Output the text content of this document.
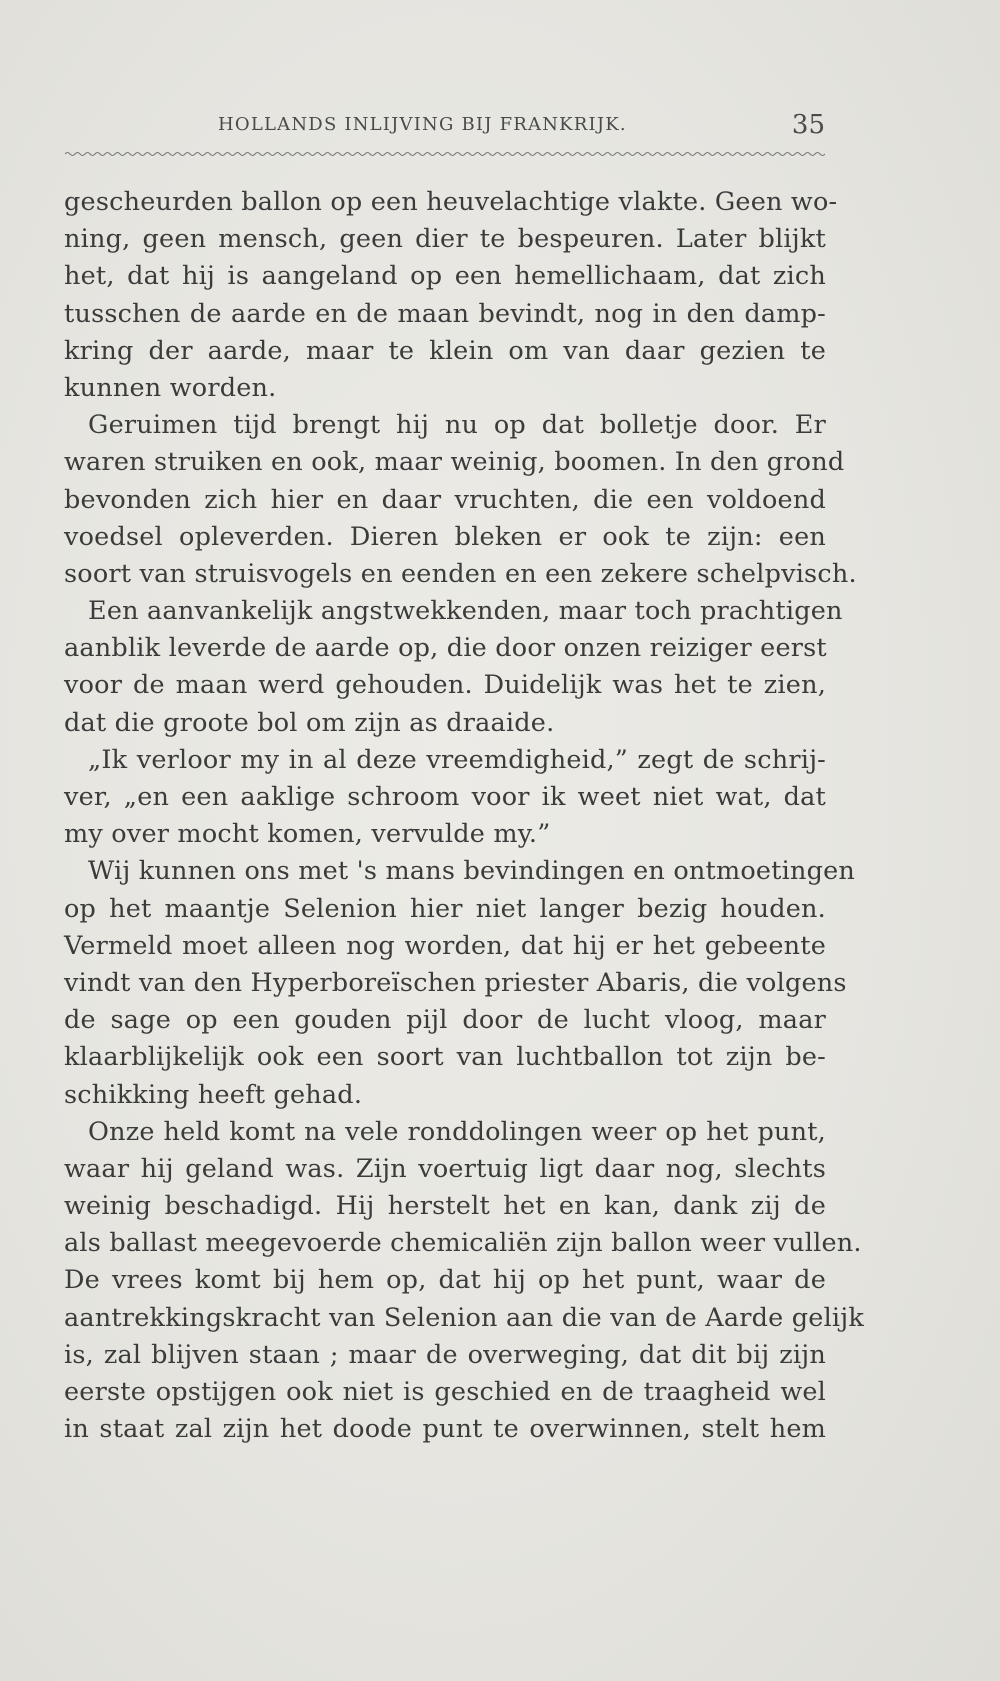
HOLLANDS INLIJVING BIJ FRANKRIJK.	35
gescheurden ballon op een heuvelachtige vlakte. Geen wo-
ning, geen mensch, geen dier te bespeuren. Later blijkt
het, dat hij is aangeland op een hemellichaam, dat zich
tusschen de aarde en de maan bevindt, nog in den damp-
kring der aarde, maar te klein om van daar gezien te
kunnen worden.
Geruimen tijd brengt hij nu op dat bolletje door. Er
waren struiken en ook, maar weinig, boomen. In den grond
bevonden zich hier en daar vruchten, die een voldoend
voedsel opleverden. Dieren bleken er ook te zijn: een
soort van struisvogels en eenden en een zekere schelpvisch.
Een aanvankelijk angstwekkenden, maar toch prachtigen
aanblik leverde de aarde op, die door onzen reiziger eerst
voor de maan werd gehouden. Duidelijk was het te zien,
dat die groote bol om zijn as draaide.
„Ik verloor my in al deze vreemdigheid,” zegt de schrij-
ver, „en een aaklige schroom voor ik weet niet wat, dat
my over mocht komen, vervulde my.”
Wij kunnen ons met 's mans bevindingen en ontmoetingen
op het maantje Selenion hier niet langer bezig houden.
Vermeld moet alleen nog worden, dat hij er het gebeente
vindt van den Hyperboreïschen priester Abaris, die volgens
de sage op een gouden pijl door de lucht vloog, maar
klaarblijkelijk ook een soort van luchtballon tot zijn be-
schikking heeft gehad.
Onze held komt na vele ronddolingen weer op het punt,
waar hij geland was. Zijn voertuig ligt daar nog, slechts
weinig beschadigd. Hij herstelt het en kan, dank zij de
als ballast meegevoerde chemicaliën zijn ballon weer vullen.
De vrees komt bij hem op, dat hij op het punt, waar de
aantrekkingskracht van Selenion aan die van de Aarde gelijk
is, zal blijven staan ; maar de overweging, dat dit bij zijn
eerste opstijgen ook niet is geschied en de traagheid wel
in staat zal zijn het doode punt te overwinnen, stelt hem
